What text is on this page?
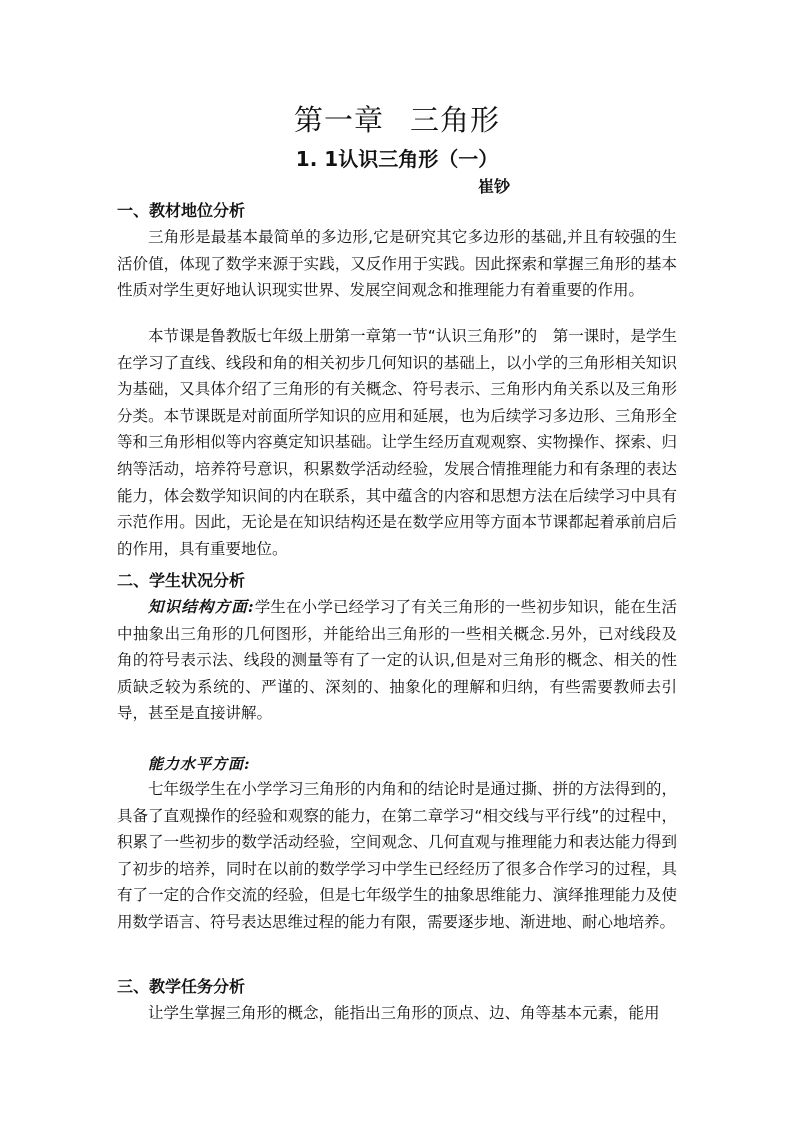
第一章 三角形
1. 1认识三角形（一）
崔钞
一、教材地位分析

三角形是最基本最简单的多边形,它是研究其它多边形的基础,并且有较强的生活价值，体现了数学来源于实践，又反作用于实践。因此探索和掌握三角形的基本性质对学生更好地认识现实世界、发展空间观念和推理能力有着重要的作用。

本节课是鲁教版七年级上册第一章第一节“认识三角形”的　第一课时，是学生在学习了直线、线段和角的相关初步几何知识的基础上，以小学的三角形相关知识为基础，又具体介绍了三角形的有关概念、符号表示、三角形内角关系以及三角形分类。本节课既是对前面所学知识的应用和延展，也为后续学习多边形、三角形全等和三角形相似等内容奠定知识基础。让学生经历直观观察、实物操作、探索、归纳等活动，培养符号意识，积累数学活动经验，发展合情推理能力和有条理的表达能力，体会数学知识间的内在联系，其中蕴含的内容和思想方法在后续学习中具有示范作用。因此，无论是在知识结构还是在数学应用等方面本节课都起着承前启后的作用，具有重要地位。

二、学生状况分析

知识结构方面:学生在小学已经学习了有关三角形的一些初步知识，能在生活中抽象出三角形的几何图形，并能给出三角形的一些相关概念.另外，已对线段及角的符号表示法、线段的测量等有了一定的认识,但是对三角形的概念、相关的性质缺乏较为系统的、严谨的、深刻的、抽象化的理解和归纳，有些需要教师去引导，甚至是直接讲解。

能力水平方面:

七年级学生在小学学习三角形的内角和的结论时是通过撕、拼的方法得到的，具备了直观操作的经验和观察的能力，在第二章学习“相交线与平行线”的过程中，积累了一些初步的数学活动经验，空间观念、几何直观与推理能力和表达能力得到了初步的培养，同时在以前的数学学习中学生已经经历了很多合作学习的过程，具有了一定的合作交流的经验，但是七年级学生的抽象思维能力、演绎推理能力及使用数学语言、符号表达思维过程的能力有限，需要逐步地、渐进地、耐心地培养。

三、教学任务分析

让学生掌握三角形的概念，能指出三角形的顶点、边、角等基本元素，能用
